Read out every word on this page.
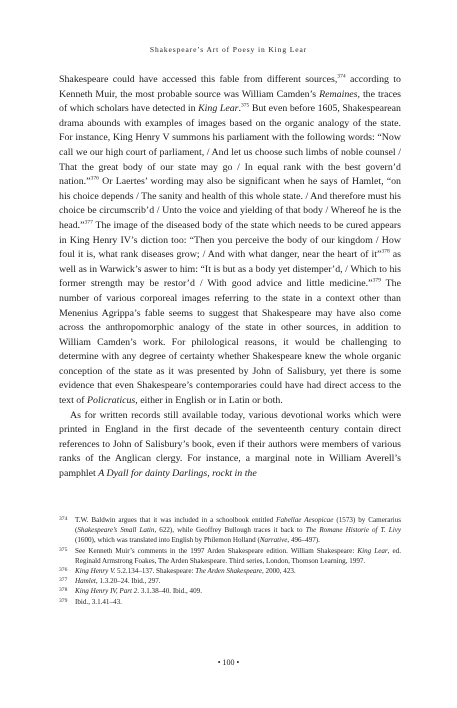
Shakespeare’s Art of Poesy in King Lear

Shakespeare could have accessed this fable from different sources,$^{374}$ according to Kenneth Muir, the most probable source was William Camden’s Remaines, the traces of which scholars have detected in King Lear.$^{375}$ But even before 1605, Shakespearean drama abounds with examples of images based on the organic analogy of the state. For instance, King Henry V summons his parliament with the following words: “Now call we our high court of parliament, / And let us choose such limbs of noble counsel / That the great body of our state may go / In equal rank with the best govern’d nation.”$^{376}$ Or Laertes’ wording may also be significant when he says of Hamlet, “on his choice depends / The sanity and health of this whole state. / And therefore must his choice be circumscrib’d / Unto the voice and yielding of that body / Whereof he is the head.”$^{377}$ The image of the diseased body of the state which needs to be cured appears in King Henry IV’s diction too: “Then you perceive the body of our kingdom / How foul it is, what rank diseases grow; / And with what danger, near the heart of it”$^{378}$ as well as in Warwick’s aswer to him: “It is but as a body yet distemper’d, / Which to his former strength may be restor’d / With good advice and little medicine.”$^{379}$ The number of various corporeal images referring to the state in a context other than Menenius Agrippa’s fable seems to suggest that Shakespeare may have also come across the anthropomorphic analogy of the state in other sources, in addition to William Camden’s work. For philological reasons, it would be challenging to determine with any degree of certainty whether Shakespeare knew the whole organic conception of the state as it was presented by John of Salisbury, yet there is some evidence that even Shakespeare’s contemporaries could have had direct access to the text of Policraticus, either in English or in Latin or both.

As for written records still available today, various devotional works which were printed in England in the first decade of the seventeenth century contain direct references to John of Salisbury’s book, even if their authors were members of various ranks of the Anglican clergy. For instance, a marginal note in William Averell’s pamphlet A Dyall for dainty Darlings, rockt in the

374 T.W. Baldwin argues that it was included in a schoolbook entitled Fabellae Aesopicae (1573) by Camerarius (Shakespeare’s Small Latin, 622), while Geoffrey Bullough traces it back to The Romane Historie of T. Livy (1600), which was translated into English by Philemon Holland (Narrative, 496–497).
375 See Kenneth Muir’s comments in the 1997 Arden Shakespeare edition. William Shakespeare: King Lear, ed. Reginald Armstrong Foakes, The Arden Shakespeare. Third series, London, Thomson Learning, 1997.
376 King Henry V. 5.2.134–137. Shakespeare: The Arden Shakespeare, 2000, 423.
377 Hamlet, 1.3.20–24. Ibid., 297.
378 King Henry IV, Part 2. 3.1.38–40. Ibid., 409.
379 Ibid., 3.1.41–43.
• 100 •
